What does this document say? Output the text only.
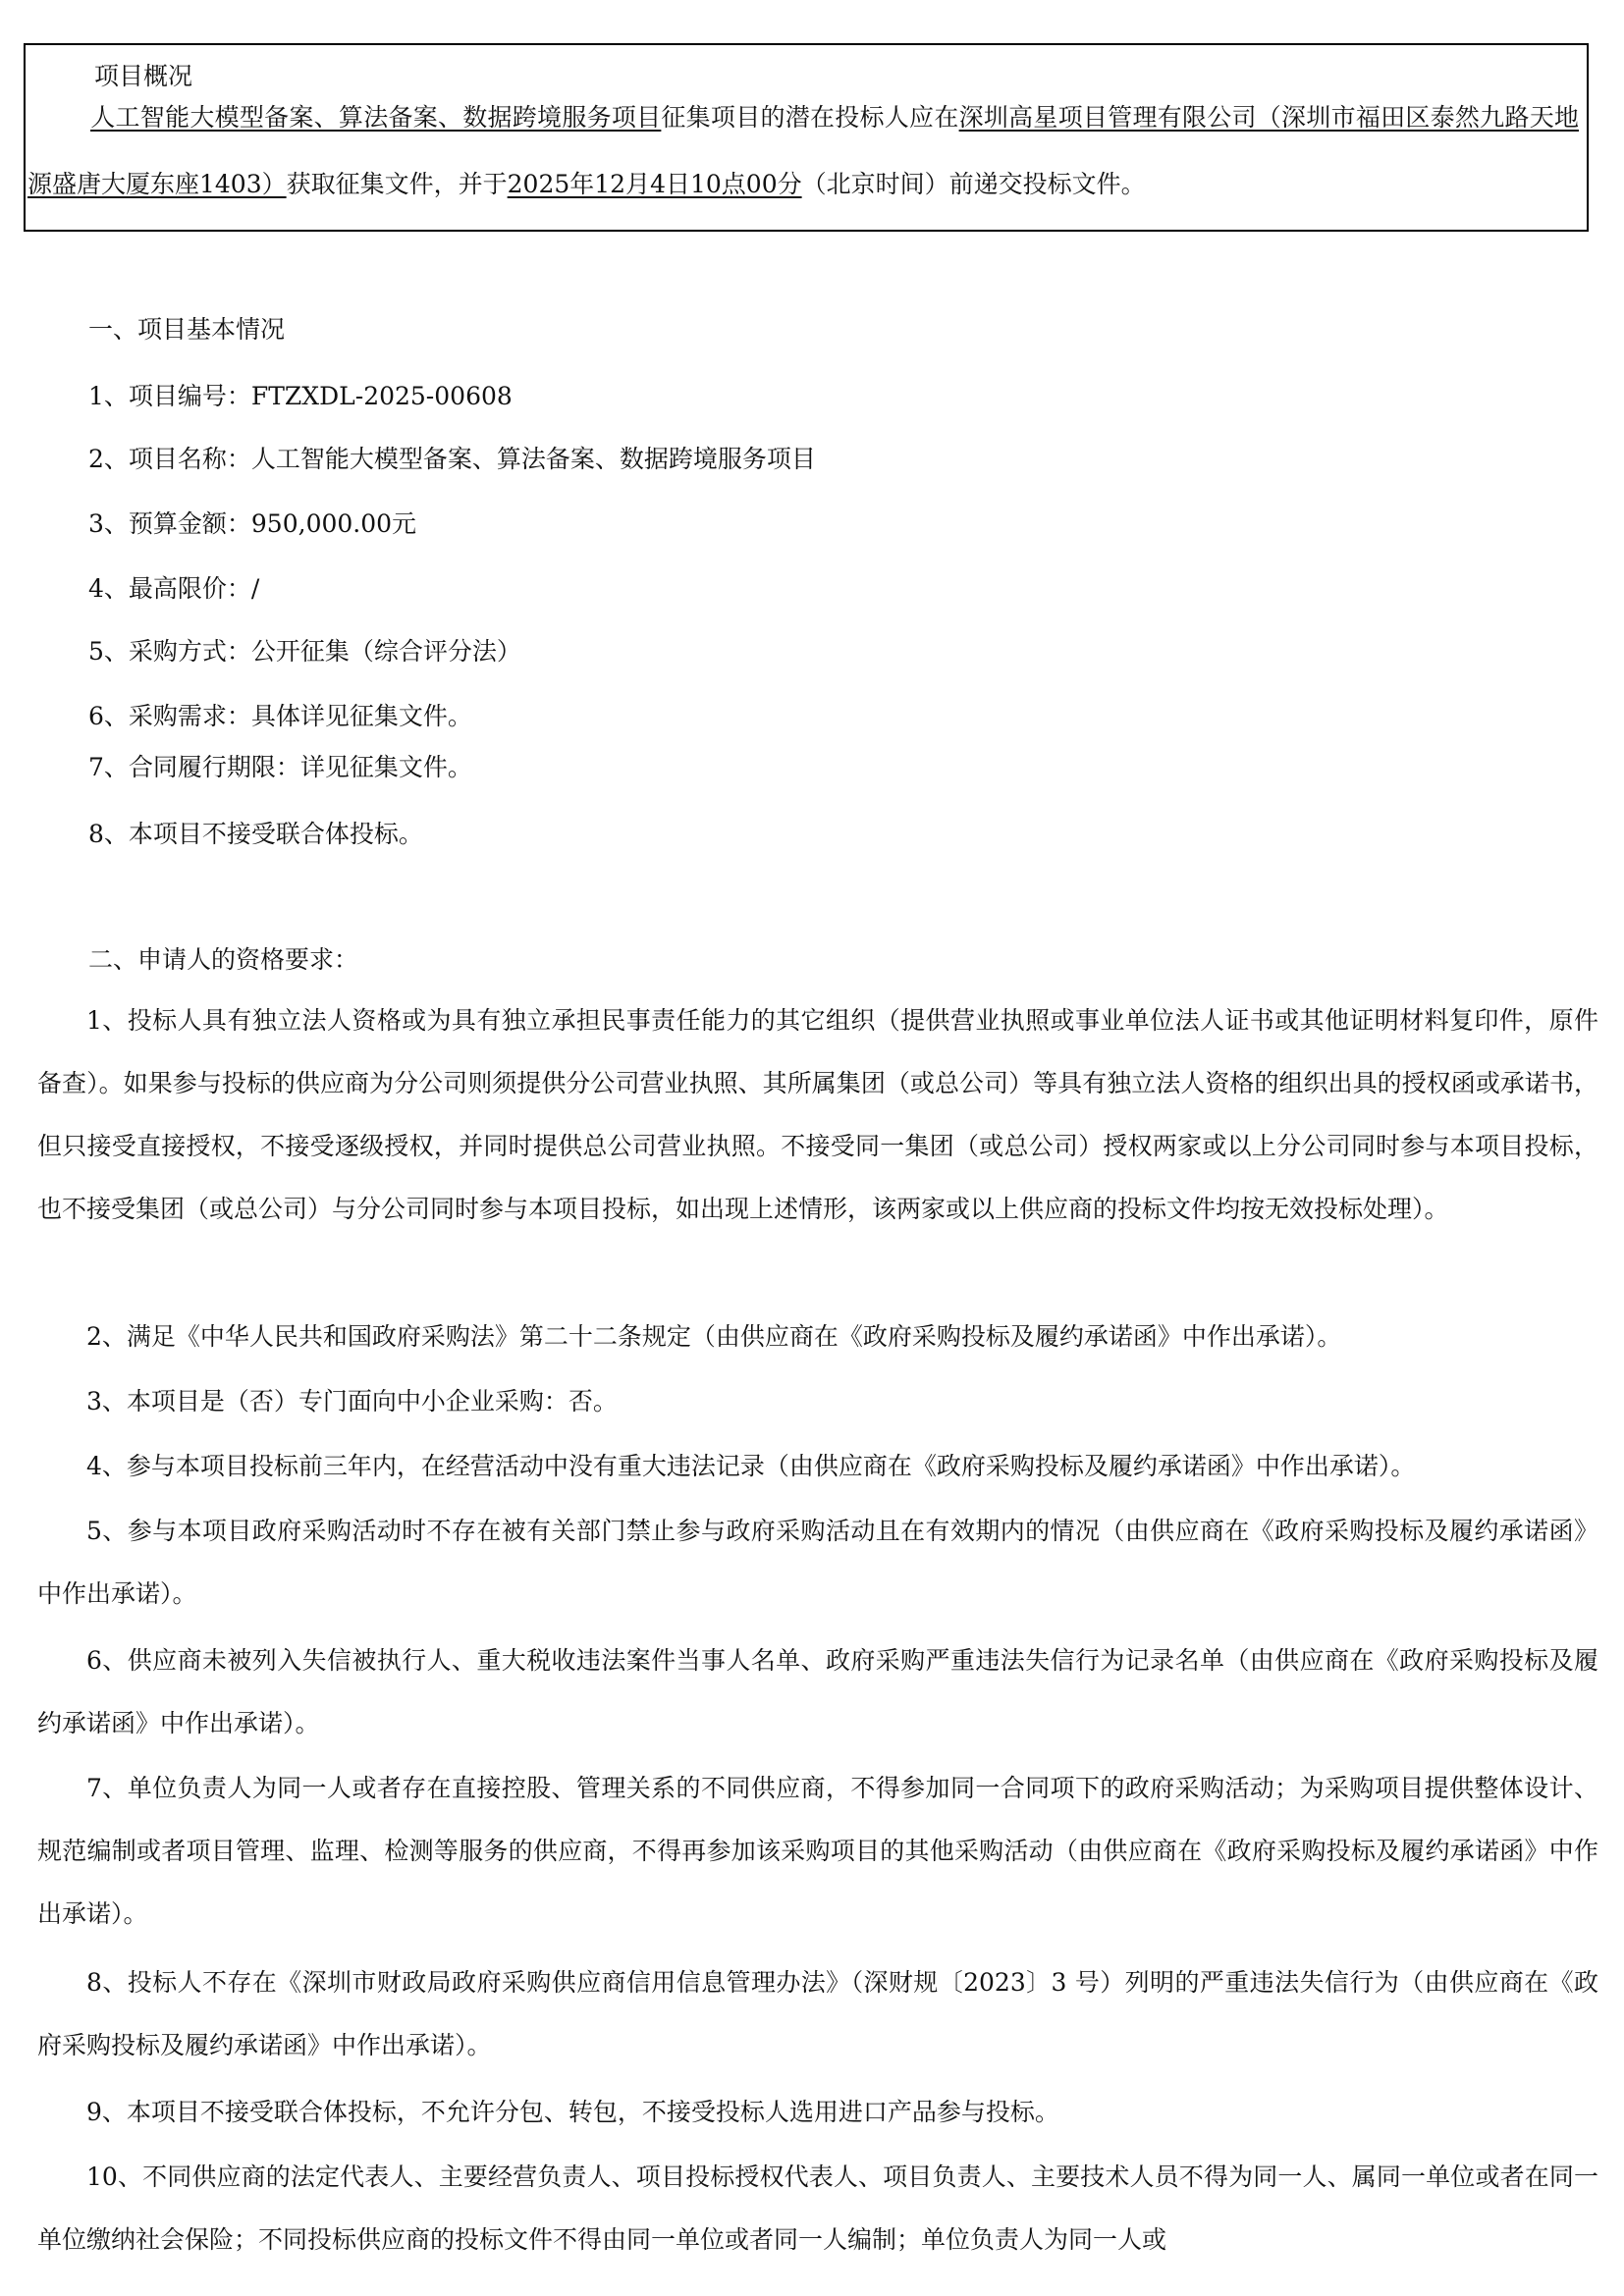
项目概况
人工智能大模型备案、算法备案、数据跨境服务项目征集项目的潜在投标人应在深圳高星项目管理有限公司（深圳市福田区泰然九路天地源盛唐大厦东座1403）获取征集文件，并于2025年12月4日10点00分（北京时间）前递交投标文件。
一、项目基本情况
1、项目编号：FTZXDL-2025-00608
2、项目名称：人工智能大模型备案、算法备案、数据跨境服务项目
3、预算金额：950,000.00元
4、最高限价：/
5、采购方式：公开征集（综合评分法）
6、采购需求：具体详见征集文件。
7、合同履行期限：详见征集文件。
8、本项目不接受联合体投标。
二、申请人的资格要求：
1、投标人具有独立法人资格或为具有独立承担民事责任能力的其它组织（提供营业执照或事业单位法人证书或其他证明材料复印件，原件备查）。如果参与投标的供应商为分公司则须提供分公司营业执照、其所属集团（或总公司）等具有独立法人资格的组织出具的授权函或承诺书，但只接受直接授权，不接受逐级授权，并同时提供总公司营业执照。不接受同一集团（或总公司）授权两家或以上分公司同时参与本项目投标，也不接受集团（或总公司）与分公司同时参与本项目投标，如出现上述情形，该两家或以上供应商的投标文件均按无效投标处理）。
2、满足《中华人民共和国政府采购法》第二十二条规定（由供应商在《政府采购投标及履约承诺函》中作出承诺）。
3、本项目是（否）专门面向中小企业采购：否。
4、参与本项目投标前三年内，在经营活动中没有重大违法记录（由供应商在《政府采购投标及履约承诺函》中作出承诺）。
5、参与本项目政府采购活动时不存在被有关部门禁止参与政府采购活动且在有效期内的情况（由供应商在《政府采购投标及履约承诺函》中作出承诺）。
6、供应商未被列入失信被执行人、重大税收违法案件当事人名单、政府采购严重违法失信行为记录名单（由供应商在《政府采购投标及履约承诺函》中作出承诺）。
7、单位负责人为同一人或者存在直接控股、管理关系的不同供应商，不得参加同一合同项下的政府采购活动；为采购项目提供整体设计、规范编制或者项目管理、监理、检测等服务的供应商，不得再参加该采购项目的其他采购活动（由供应商在《政府采购投标及履约承诺函》中作出承诺）。
8、投标人不存在《深圳市财政局政府采购供应商信用信息管理办法》（深财规〔2023〕3 号）列明的严重违法失信行为（由供应商在《政府采购投标及履约承诺函》中作出承诺）。
9、本项目不接受联合体投标，不允许分包、转包，不接受投标人选用进口产品参与投标。
10、不同供应商的法定代表人、主要经营负责人、项目投标授权代表人、项目负责人、主要技术人员不得为同一人、属同一单位或者在同一单位缴纳社会保险；不同投标供应商的投标文件不得由同一单位或者同一人编制；单位负责人为同一人或
